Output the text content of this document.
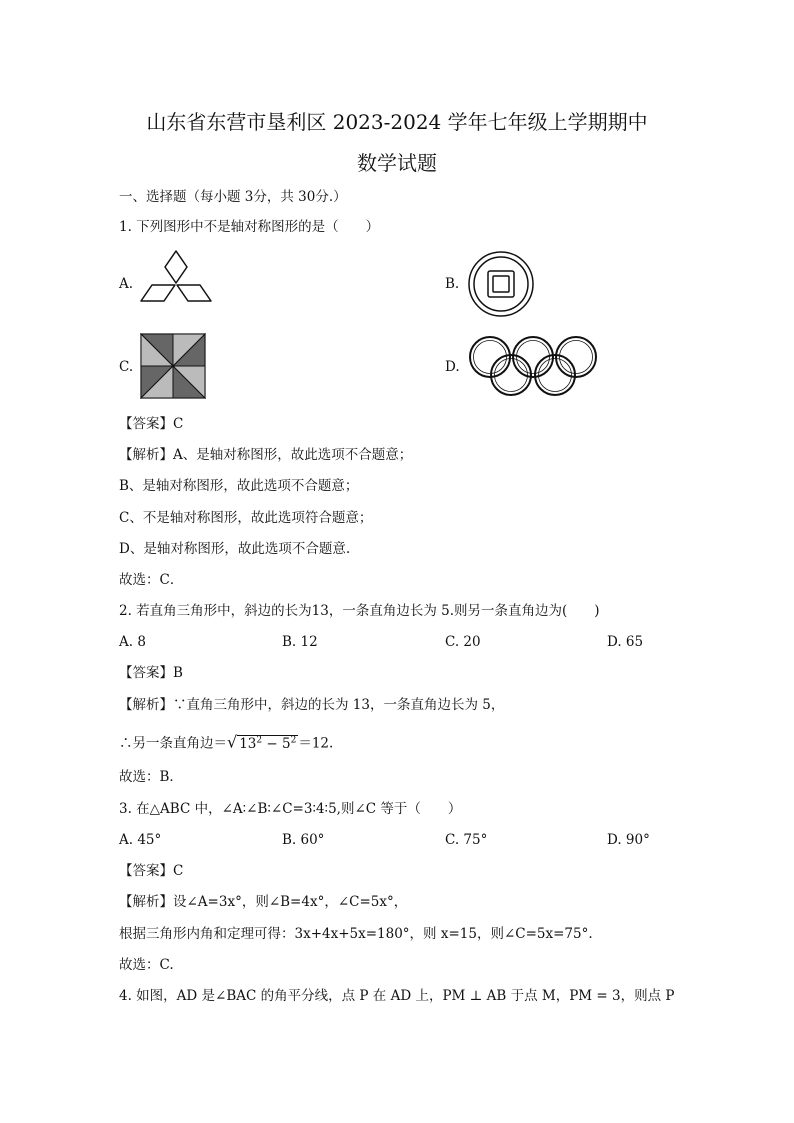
山东省东营市垦利区 2023-2024 学年七年级上学期期中
数学试题
一、选择题（每小题 3分，共 30分.）
1. 下列图形中不是轴对称图形的是（　　）
A.	B.
C.	D.
【答案】C
【解析】A、是轴对称图形，故此选项不合题意；
B、是轴对称图形，故此选项不合题意；
C、不是轴对称图形，故此选项符合题意；
D、是轴对称图形，故此选项不合题意.
故选：C．
2. 若直角三角形中，斜边的长为13，一条直角边长为 5.则另一条直角边为(　　)
A. 8	B. 12	C. 20	D. 65
【答案】B
【解析】∵直角三角形中，斜边的长为 13，一条直角边长为 5，
∴另一条直角边＝√ $13^2 - 5^2 =12$.
故选：B．
3. 在△ABC 中，∠A∶∠B∶∠C=3∶4∶5,则∠C 等于（　　）
A. 45°	B. 60°	C. 75°	D. 90°
【答案】C
【解析】设∠A=3x°，则∠B=4x°，∠C=5x°，
根据三角形内角和定理可得：3x+4x+5x=180°，则 x=15，则∠C=5x=75°.
故选：C.
4. 如图，AD 是∠BAC 的角平分线，点 P 在 AD 上，PM ⊥ AB 于点 M，PM = 3，则点 P
